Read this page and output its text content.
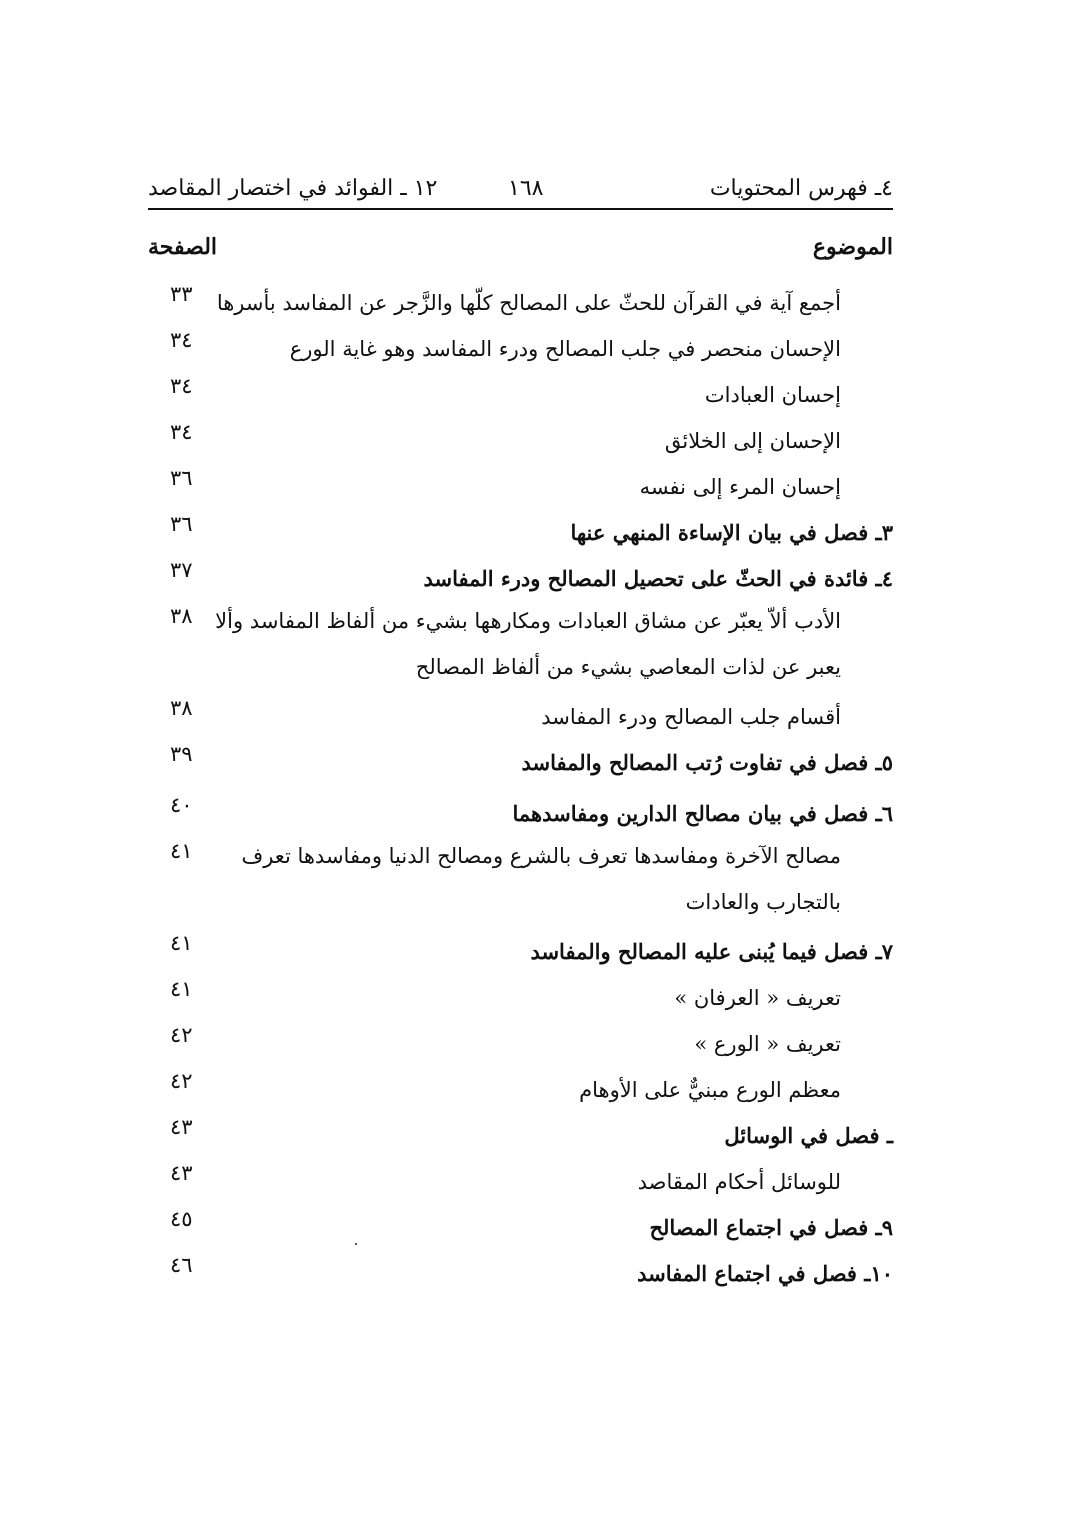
٤ـ فهرس المحتويات
١٦٨
١٢ ـ الفوائد في اختصار المقاصد
الموضوع
الصفحة
٣٣	أجمع آية في القرآن للحثّ على المصالح كلّها والزَّجر عن المفاسد بأسرها
٣٤	الإحسان منحصر في جلب المصالح ودرء المفاسد وهو غاية الورع
٣٤	إحسان العبادات
٣٤	الإحسان إلى الخلائق
٣٦	إحسان المرء إلى نفسه
٣٦	٣ـ فصل في بيان الإساءة المنهي عنها
٣٧	٤ـ فائدة في الحثّ على تحصيل المصالح ودرء المفاسد
٣٨	الأدب ألاّ يعبّر عن مشاق العبادات ومكارهها بشيء من ألفاظ المفاسد وألا يعبر عن لذات المعاصي بشيء من ألفاظ المصالح
٣٨	أقسام جلب المصالح ودرء المفاسد
٣٩	٥ـ فصل في تفاوت رُتب المصالح والمفاسد
٤٠	٦ـ فصل في بيان مصالح الدارين ومفاسدهما
٤١	مصالح الآخرة ومفاسدها تعرف بالشرع ومصالح الدنيا ومفاسدها تعرف بالتجارب والعادات
٤١	٧ـ فصل فيما يُبنى عليه المصالح والمفاسد
٤١	تعريف « العرفان »
٤٢	تعريف « الورع »
٤٢	معظم الورع مبنيٌّ على الأوهام
٤٣	ـ فصل في الوسائل
٤٣	للوسائل أحكام المقاصد
٤٥	٩ـ فصل في اجتماع المصالح
٤٦	١٠ـ فصل في اجتماع المفاسد
